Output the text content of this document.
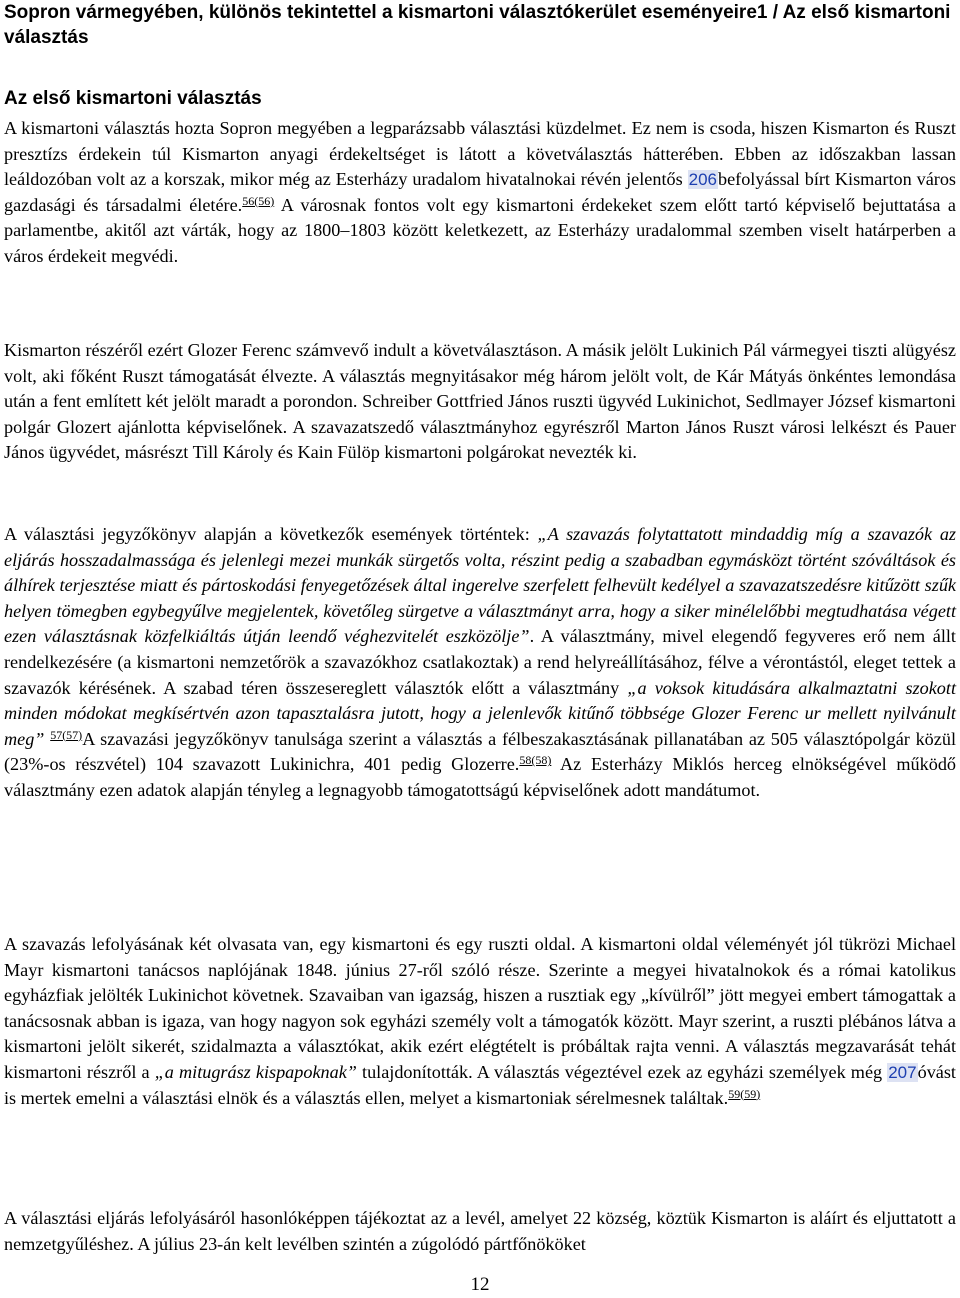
Sopron vármegyében, különös tekintettel a kismartoni választókerület eseményeire1 / Az első kismartoni választás
Az első kismartoni választás

A kismartoni választás hozta Sopron megyében a legparázsabb választási küzdelmet. Ez nem is csoda, hiszen Kismarton és Ruszt presztízs érdekein túl Kismarton anyagi érdekeltséget is látott a követválasztás hátterében. Ebben az időszakban lassan leáldozóban volt az a korszak, mikor még az Esterházy uradalom hivatalnokai révén jelentős 206befolyással bírt Kismarton város gazdasági és társadalmi életére.$^{56(56)}$ A városnak fontos volt egy kismartoni érdekeket szem előtt tartó képviselő bejuttatása a parlamentbe, akitől azt várták, hogy az 1800–1803 között keletkezett, az Esterházy uradalommal szemben viselt határperben a város érdekeit megvédi.

Kismarton részéről ezért Glozer Ferenc számvevő indult a követválasztáson. A másik jelölt Lukinich Pál vármegyei tiszti alügyész volt, aki főként Ruszt támogatását élvezte. A választás megnyitásakor még három jelölt volt, de Kár Mátyás önkéntes lemondása után a fent említett két jelölt maradt a porondon. Schreiber Gottfried János ruszti ügyvéd Lukinichot, Sedlmayer József kismartoni polgár Glozert ajánlotta képviselőnek. A szavazatszedő választmányhoz egyrészről Marton János Ruszt városi lelkészt és Pauer János ügyvédet, másrészt Till Károly és Kain Fülöp kismartoni polgárokat nevezték ki.

A választási jegyzőkönyv alapján a következők események történtek: „A szavazás folytattatott mindaddig míg a szavazók az eljárás hosszadalmassága és jelenlegi mezei munkák sürgetős volta, részint pedig a szabadban egymásközt történt szóváltások és álhírek terjesztése miatt és pártoskodási fenyegetőzések által ingerelve szerfelett felhevült kedélyel a szavazatszedésre kitűzött szűk helyen tömegben egybegyűlve megjelentek, követőleg sürgetve a választmányt arra, hogy a siker minélelőbbi megtudhatása végett ezen választásnak közfelkiáltás útján leendő véghezvitelét eszközölje”. A választmány, mivel elegendő fegyveres erő nem állt rendelkezésére (a kismartoni nemzetőrök a szavazókhoz csatlakoztak) a rend helyreállításához, félve a vérontástól, eleget tettek a szavazók kérésének. A szabad téren összesereglett választók előtt a választmány „a voksok kitudására alkalmaztatni szokott minden módokat megkísértvén azon tapasztalásra jutott, hogy a jelenlevők kitűnő többsége Glozer Ferenc ur mellett nyilvánult meg” $^{57(57)}$A szavazási jegyzőkönyv tanulsága szerint a választás a félbeszakasztásának pillanatában az 505 választópolgár közül (23%-os részvétel) 104 szavazott Lukinichra, 401 pedig Glozerre.$^{58(58)}$ Az Esterházy Miklós herceg elnökségével működő választmány ezen adatok alapján tényleg a legnagyobb támogatottságú képviselőnek adott mandátumot.

A szavazás lefolyásának két olvasata van, egy kismartoni és egy ruszti oldal. A kismartoni oldal véleményét jól tükrözi Michael Mayr kismartoni tanácsos naplójának 1848. június 27-ről szóló része. Szerinte a megyei hivatalnokok és a római katolikus egyházfiak jelölték Lukinichot követnek. Szavaiban van igazság, hiszen a rusztiak egy „kívülről” jött megyei embert támogattak a tanácsosnak abban is igaza, van hogy nagyon sok egyházi személy volt a támogatók között. Mayr szerint, a ruszti plébános látva a kismartoni jelölt sikerét, szidalmazta a választókat, akik ezért elégtételt is próbáltak rajta venni. A választás megzavarását tehát kismartoni részről a „a mitugrász kispapoknak” tulajdonították. A választás végeztével ezek az egyházi személyek még 207óvást is mertek emelni a választási elnök és a választás ellen, melyet a kismartoniak sérelmesnek találtak.$^{59(59)}$

A választási eljárás lefolyásáról hasonlóképpen tájékoztat az a levél, amelyet 22 község, köztük Kismarton is aláírt és eljuttatott a nemzetgyűléshez. A július 23-án kelt levélben szintén a zúgolódó pártfőnököket

12
